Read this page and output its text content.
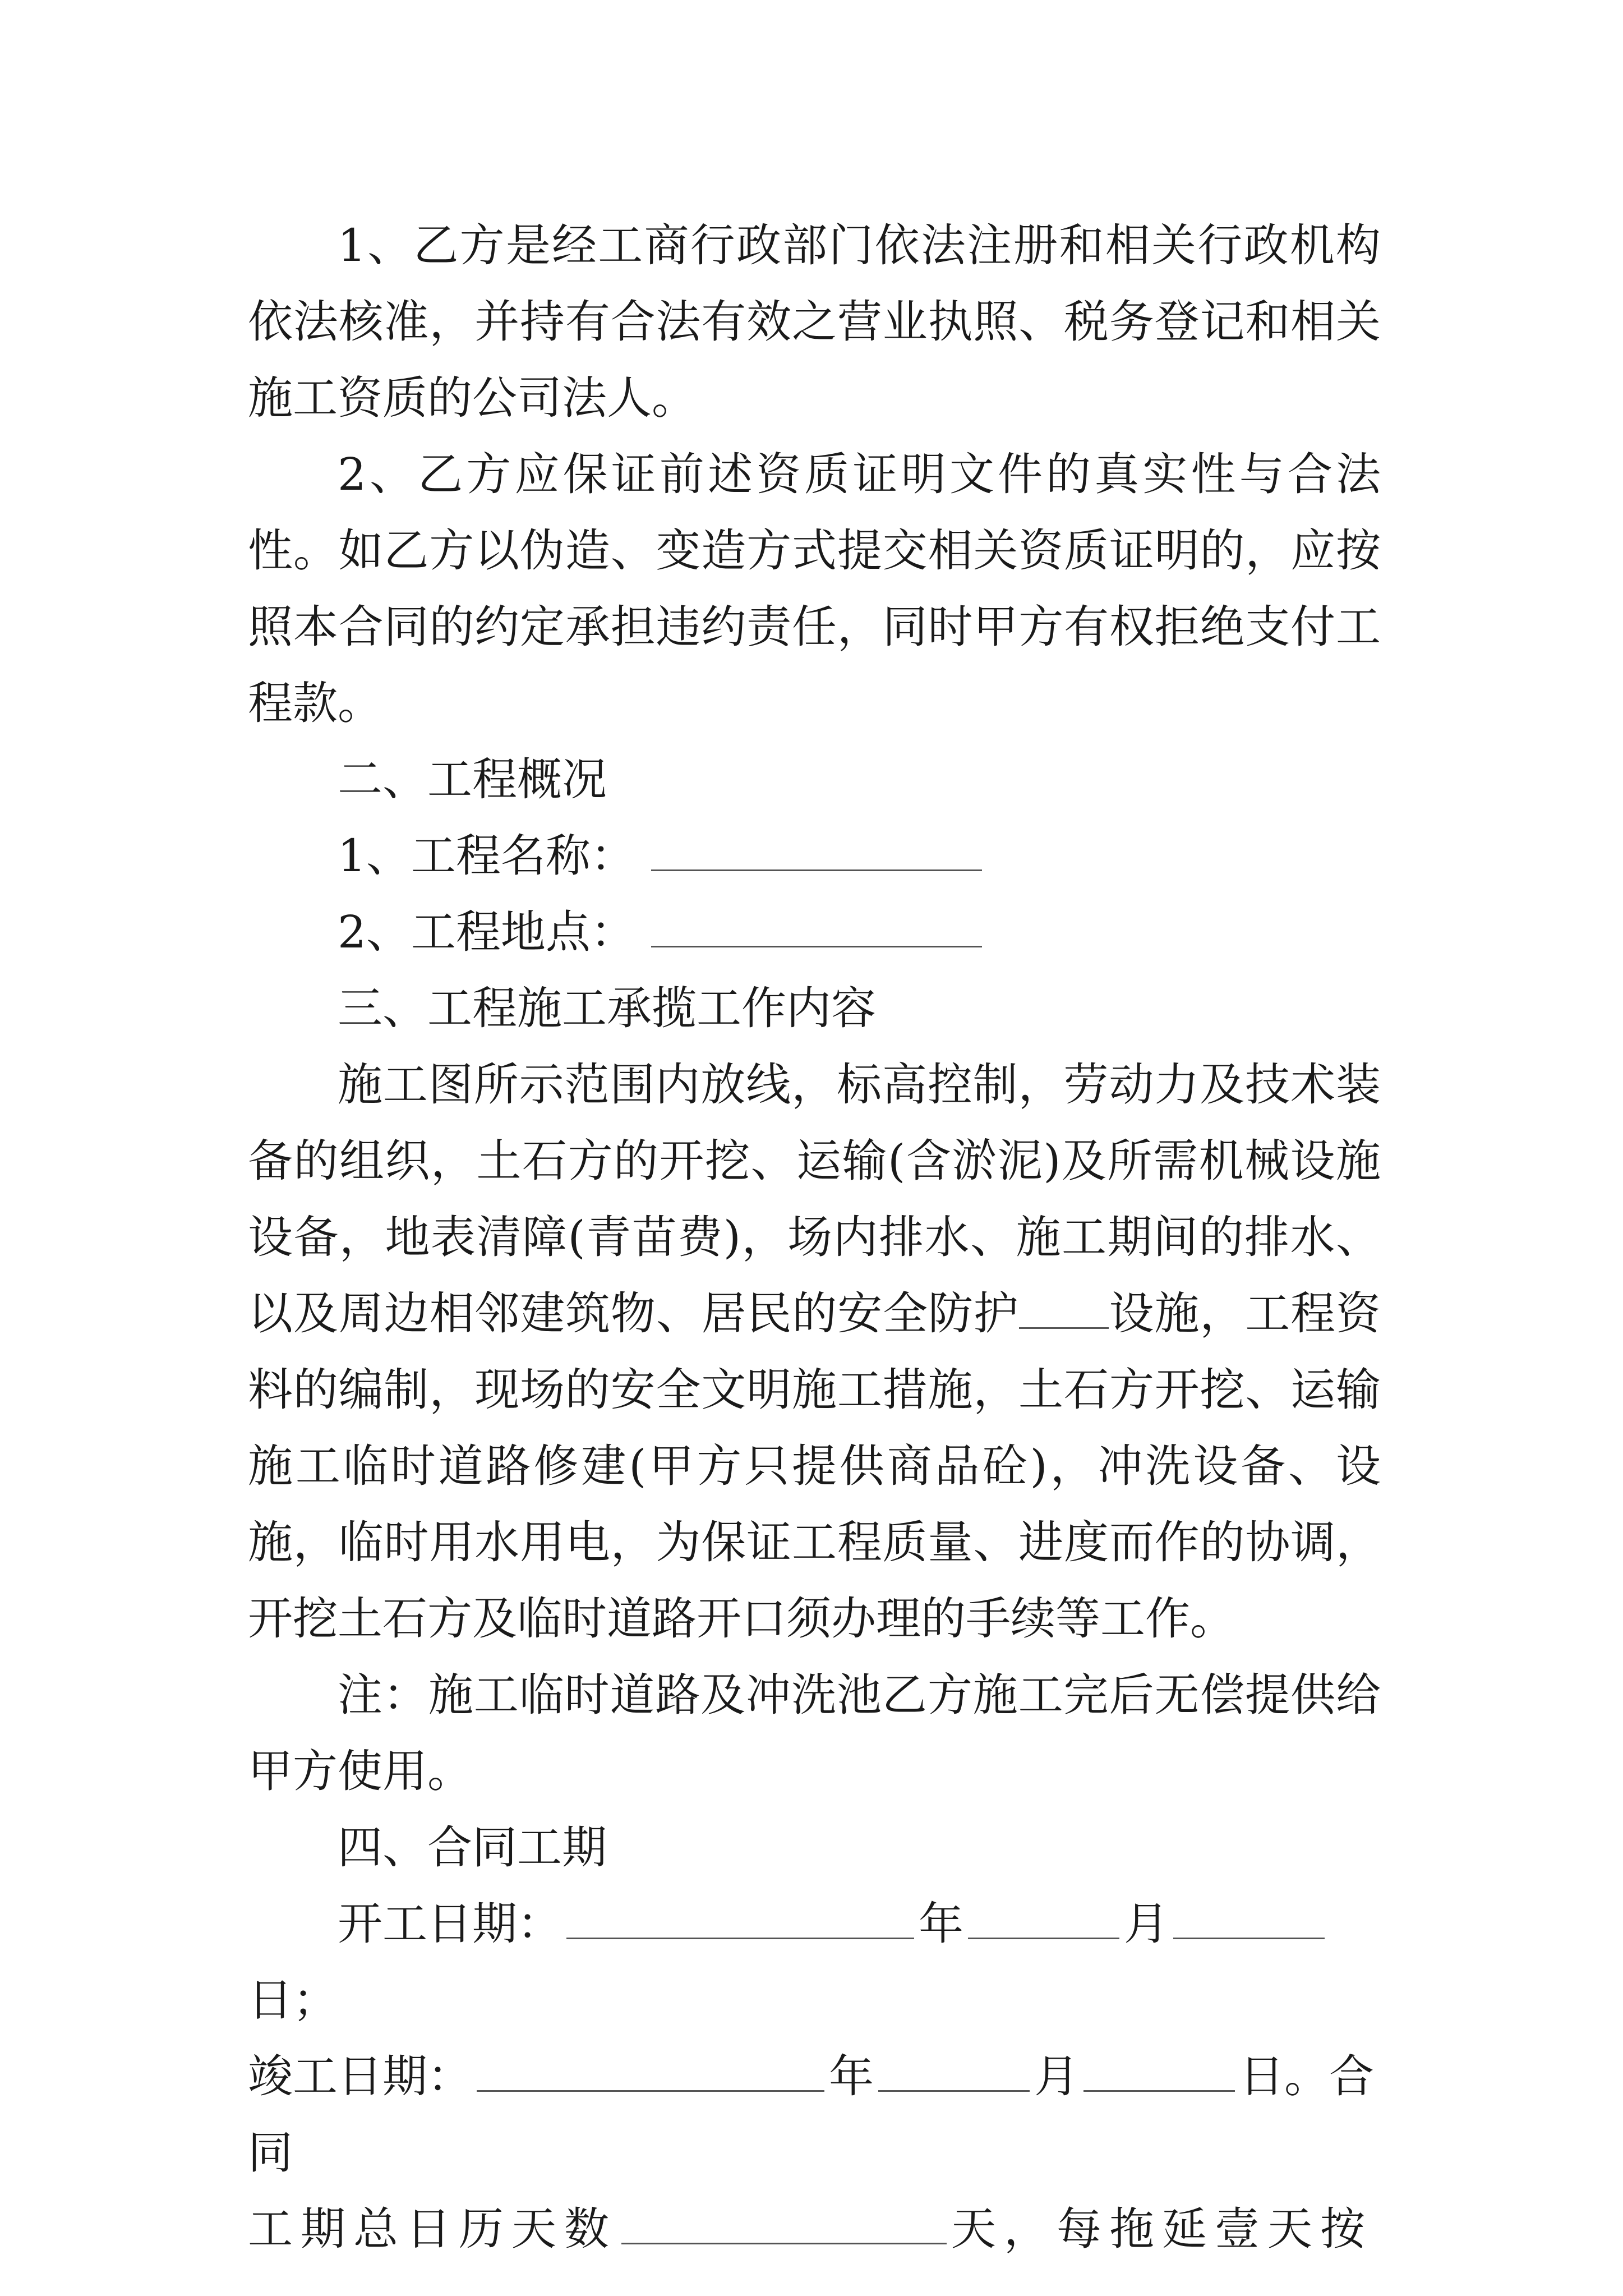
1、乙方是经工商行政部门依法注册和相关行政机构依法核准，并持有合法有效之营业执照、税务登记和相关施工资质的公司法人。

2、乙方应保证前述资质证明文件的真实性与合法性。如乙方以伪造、变造方式提交相关资质证明的，应按照本合同的约定承担违约责任，同时甲方有权拒绝支付工程款。

二、工程概况

1、工程名称：

2、工程地点：

三、工程施工承揽工作内容

施工图所示范围内放线，标高控制，劳动力及技术装备的组织，土石方的开挖、运输(含淤泥)及所需机械设施设备，地表清障(青苗费)，场内排水、施工期间的排水、以及周边相邻建筑物、居民的安全防护 设施，工程资料的编制，现场的安全文明施工措施，土石方开挖、运输施工临时道路修建(甲方只提供商品砼)，冲洗设备、设施，临时用水用电，为保证工程质量、进度而作的协调，开挖土石方及临时道路开口须办理的手续等工作。

注：施工临时道路及冲洗池乙方施工完后无偿提供给甲方使用。

四、合同工期

开工日期：	年	月日；

竣工日期：	年	月	日。合同

工期总日历天数	天，每拖延壹天按
